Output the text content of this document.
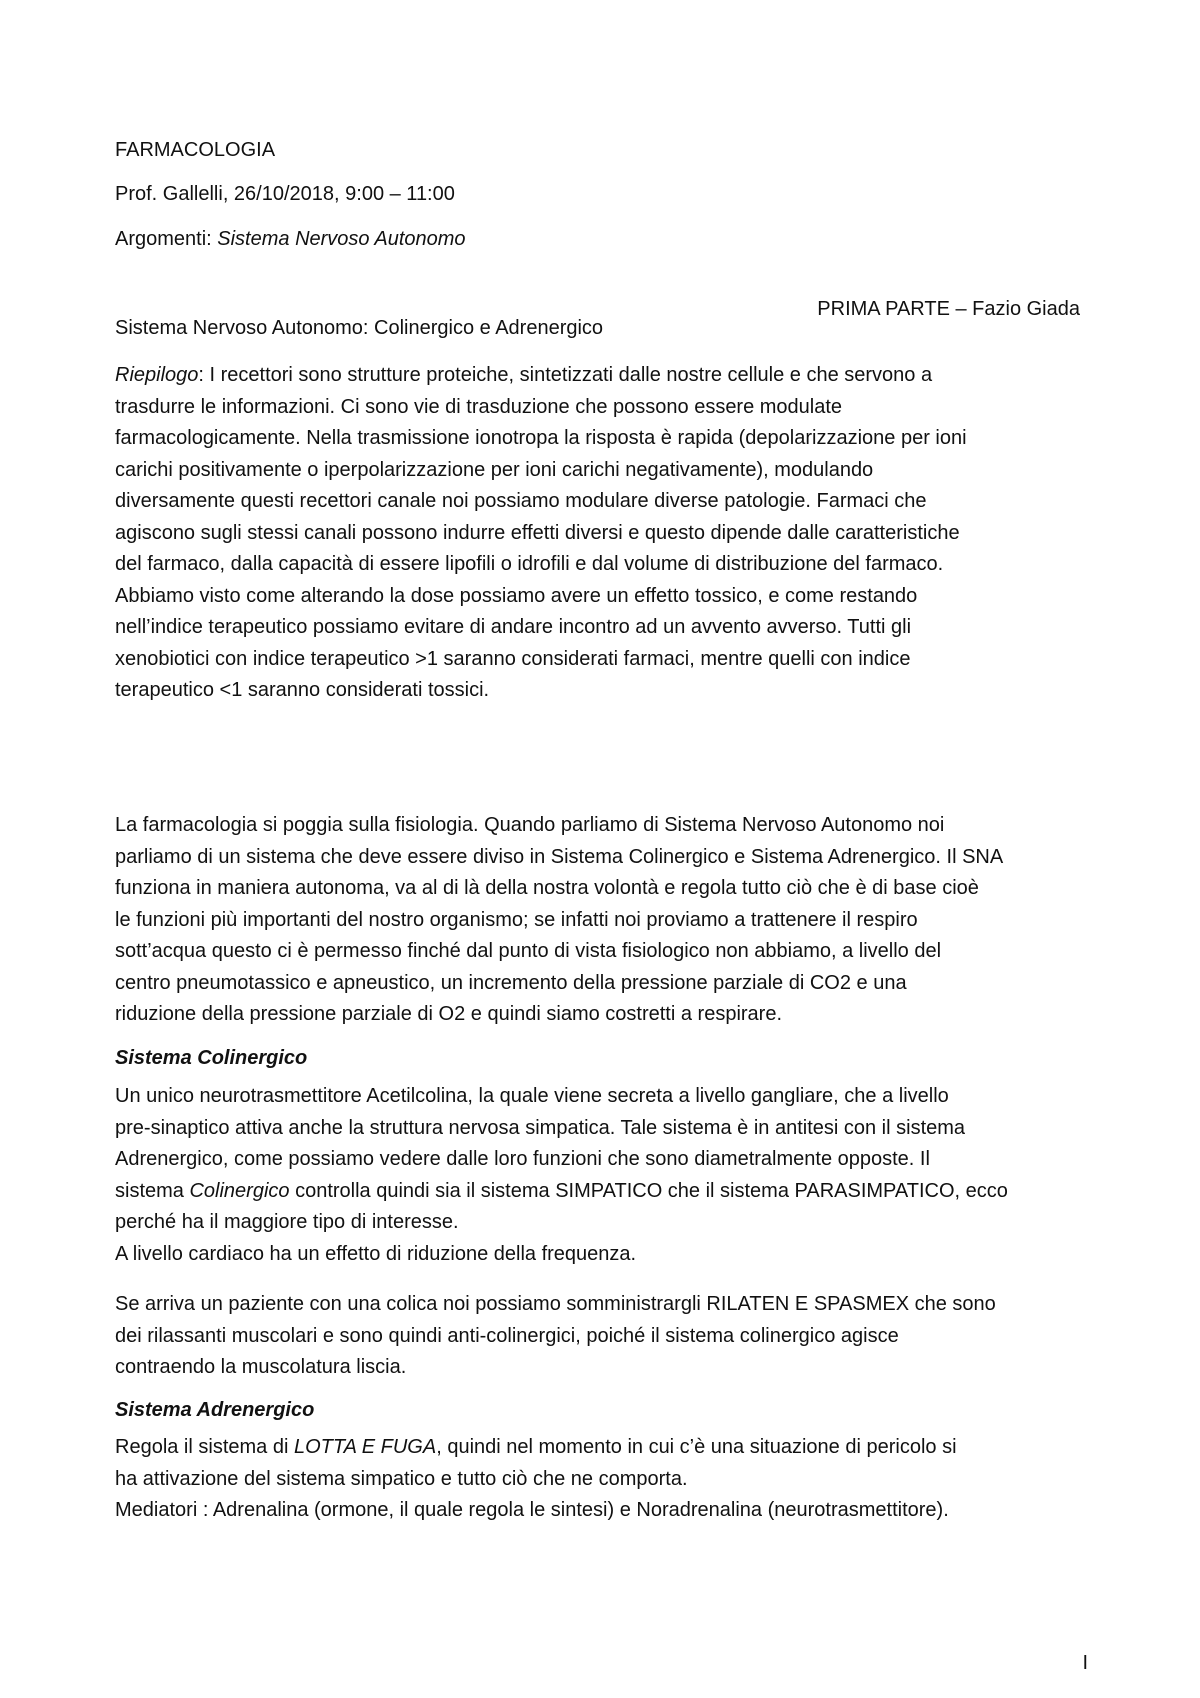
FARMACOLOGIA
Prof. Gallelli, 26/10/2018, 9:00 – 11:00
Argomenti: Sistema Nervoso Autonomo
PRIMA PARTE – Fazio Giada
Sistema Nervoso Autonomo: Colinergico e Adrenergico
Riepilogo: I recettori sono strutture proteiche, sintetizzati dalle nostre cellule e che servono a
trasdurre le informazioni. Ci sono vie di trasduzione che possono essere modulate
farmacologicamente. Nella trasmissione ionotropa la risposta è rapida (depolarizzazione per ioni
carichi positivamente o iperpolarizzazione per ioni carichi negativamente), modulando
diversamente questi recettori canale noi possiamo modulare diverse patologie. Farmaci che
agiscono sugli stessi canali possono indurre effetti diversi e questo dipende dalle caratteristiche
del farmaco, dalla capacità di essere lipofili o idrofili e dal volume di distribuzione del farmaco.
Abbiamo visto come alterando la dose possiamo avere un effetto tossico, e come restando
nell’indice terapeutico possiamo evitare di andare incontro ad un avvento avverso. Tutti gli
xenobiotici con indice terapeutico >1 saranno considerati farmaci, mentre quelli con indice
terapeutico <1 saranno considerati tossici.
La farmacologia si poggia sulla fisiologia. Quando parliamo di Sistema Nervoso Autonomo noi
parliamo di un sistema che deve essere diviso in Sistema Colinergico e Sistema Adrenergico. Il SNA
funziona in maniera autonoma, va al di là della nostra volontà e regola tutto ciò che è di base cioè
le funzioni più importanti del nostro organismo; se infatti noi proviamo a trattenere il respiro
sott’acqua questo ci è permesso finché dal punto di vista fisiologico non abbiamo, a livello del
centro pneumotassico e apneustico, un incremento della pressione parziale di CO2 e una
riduzione della pressione parziale di O2 e quindi siamo costretti a respirare.
Sistema Colinergico
Un unico neurotrasmettitore Acetilcolina, la quale viene secreta a livello gangliare, che a livello
pre-sinaptico attiva anche la struttura nervosa simpatica. Tale sistema è in antitesi con il sistema
Adrenergico, come possiamo vedere dalle loro funzioni che sono diametralmente opposte. Il
sistema Colinergico controlla quindi sia il sistema SIMPATICO che il sistema PARASIMPATICO, ecco
perché ha il maggiore tipo di interesse.
A livello cardiaco ha un effetto di riduzione della frequenza.
Se arriva un paziente con una colica noi possiamo somministrargli RILATEN E SPASMEX che sono
dei rilassanti muscolari e sono quindi anti-colinergici, poiché il sistema colinergico agisce
contraendo la muscolatura liscia.
Sistema Adrenergico
Regola il sistema di LOTTA E FUGA, quindi nel momento in cui c’è una situazione di pericolo si
ha attivazione del sistema simpatico e tutto ciò che ne comporta.
Mediatori : Adrenalina (ormone, il quale regola le sintesi) e Noradrenalina (neurotrasmettitore).
I
